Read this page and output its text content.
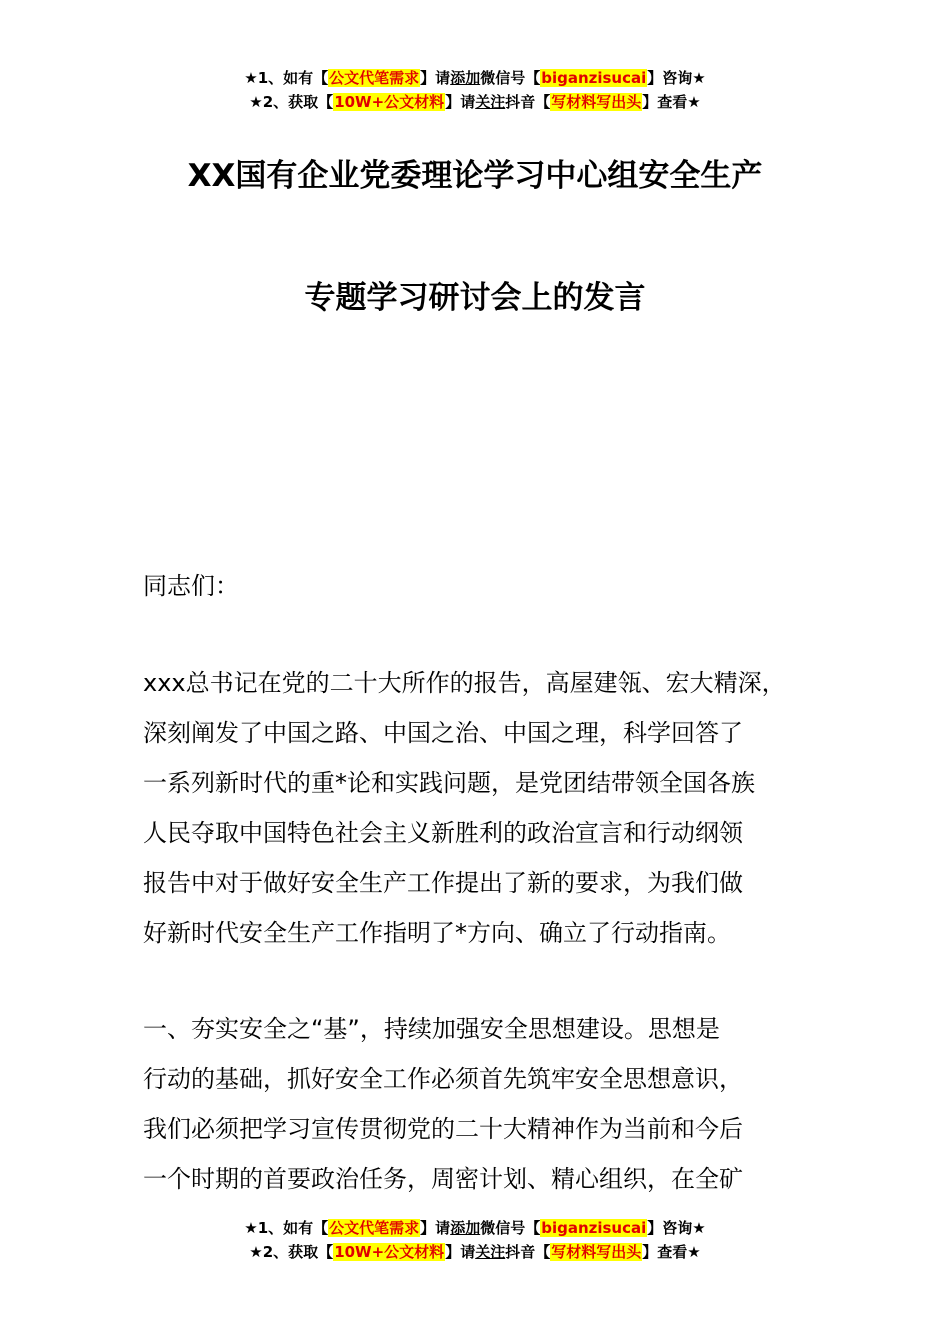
★1、如有【公文代笔需求】请添加微信号【biganzisucai】咨询★
★2、获取【10W+公文材料】请关注抖音【写材料写出头】查看★
XX国有企业党委理论学习中心组安全生产
专题学习研讨会上的发言
同志们：
xxx总书记在党的二十大所作的报告，高屋建瓴、宏大精深，
深刻阐发了中国之路、中国之治、中国之理，科学回答了
一系列新时代的重*论和实践问题，是党团结带领全国各族
人民夺取中国特色社会主义新胜利的政治宣言和行动纲领
报告中对于做好安全生产工作提出了新的要求，为我们做
好新时代安全生产工作指明了*方向、确立了行动指南。
一、夯实安全之“基”，持续加强安全思想建设。思想是
行动的基础，抓好安全工作必须首先筑牢安全思想意识，
我们必须把学习宣传贯彻党的二十大精神作为当前和今后
一个时期的首要政治任务，周密计划、精心组织，在全矿
★1、如有【公文代笔需求】请添加微信号【biganzisucai】咨询★
★2、获取【10W+公文材料】请关注抖音【写材料写出头】查看★
